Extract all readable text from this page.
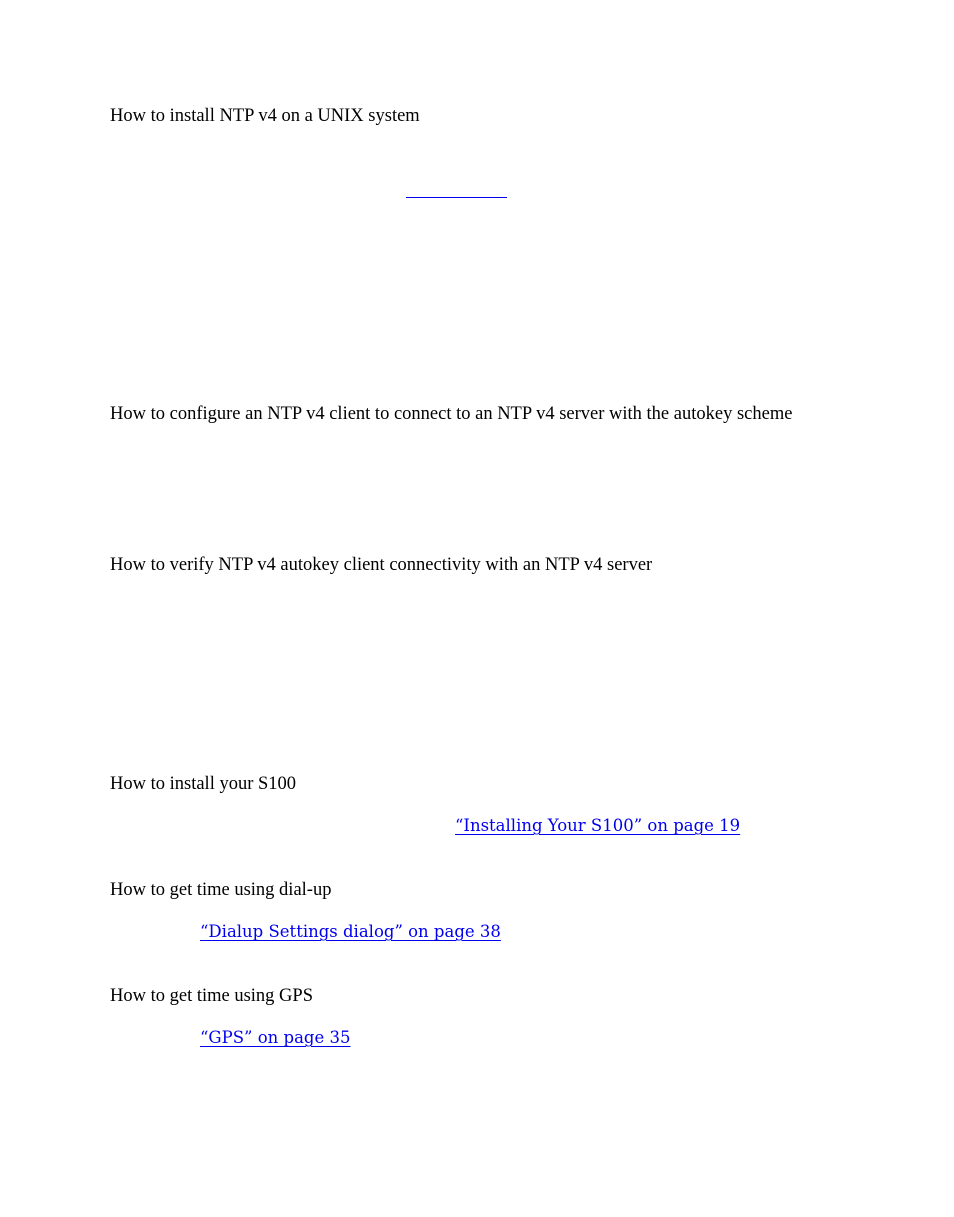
How to install NTP v4 on a UNIX system
How to configure an NTP v4 client to connect to an NTP v4 server with the autokey scheme
How to verify NTP v4 autokey client connectivity with an NTP v4 server
How to install your S100
“Installing Your S100” on page 19
How to get time using dial-up
“Dialup Settings dialog” on page 38
How to get time using GPS
“GPS” on page 35
